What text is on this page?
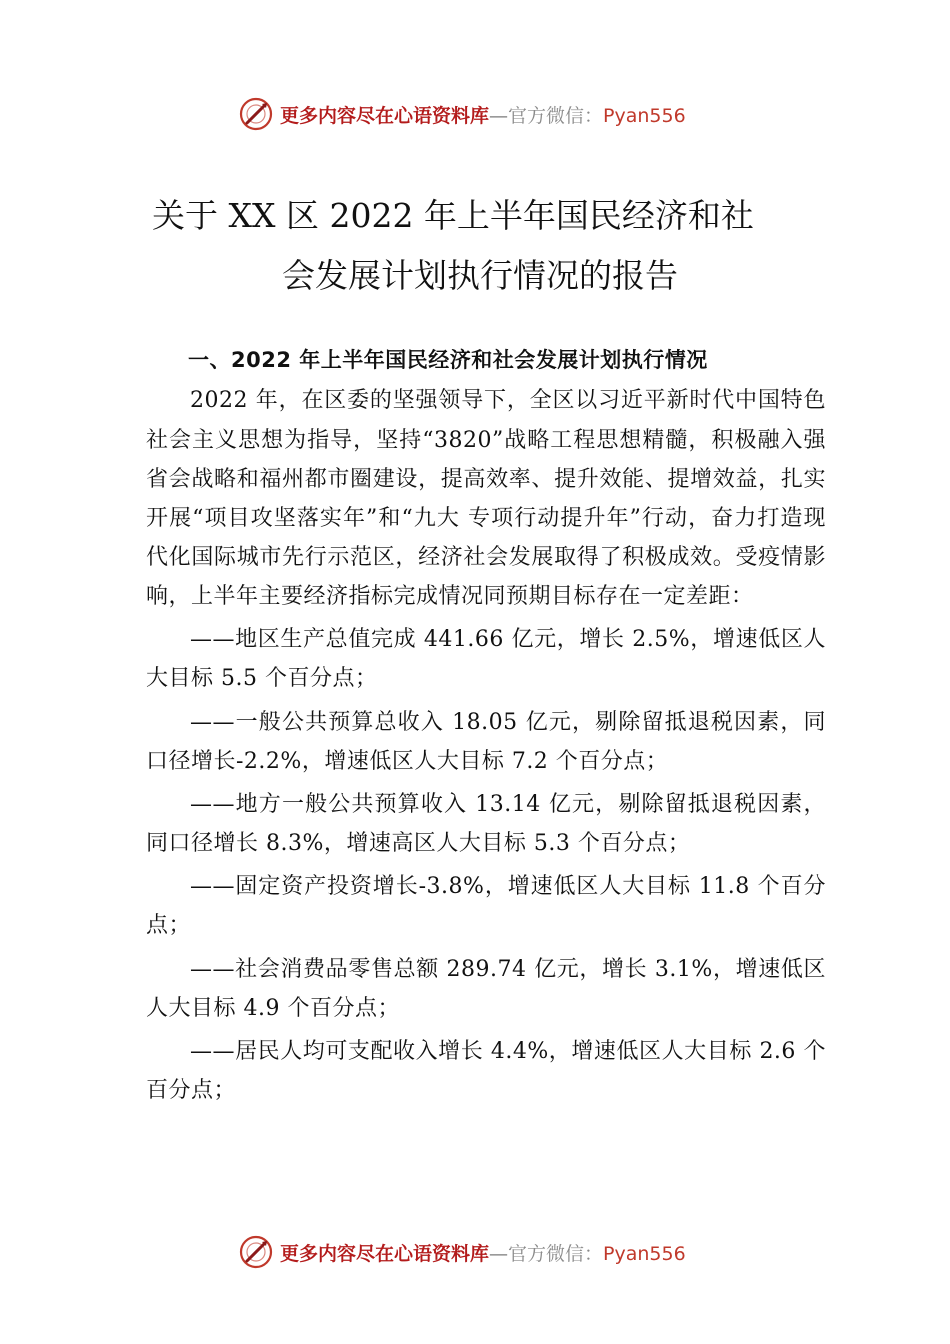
更多内容尽在心语资料库—官方微信：Pyan556
关于 XX 区 2022 年上半年国民经济和社
会发展计划执行情况的报告

一、2022 年上半年国民经济和社会发展计划执行情况

2022 年，在区委的坚强领导下，全区以习近平新时代中国特色社会主义思想为指导，坚持“3820”战略工程思想精髓，积极融入强省会战略和福州都市圈建设，提高效率、提升效能、提增效益，扎实开展“项目攻坚落实年”和“九大 专项行动提升年”行动，奋力打造现代化国际城市先行示范区，经济社会发展取得了积极成效。受疫情影响，上半年主要经济指标完成情况同预期目标存在一定差距：

——地区生产总值完成 441.66 亿元，增长 2.5%，增速低区人大目标 5.5 个百分点；

——一般公共预算总收入 18.05 亿元，剔除留抵退税因素，同口径增长-2.2%，增速低区人大目标 7.2 个百分点；

——地方一般公共预算收入 13.14 亿元，剔除留抵退税因素，同口径增长 8.3%，增速高区人大目标 5.3 个百分点；

——固定资产投资增长-3.8%，增速低区人大目标 11.8 个百分点；

——社会消费品零售总额 289.74 亿元，增长 3.1%，增速低区人大目标 4.9 个百分点；

——居民人均可支配收入增长 4.4%，增速低区人大目标 2.6 个百分点；

更多内容尽在心语资料库—官方微信：Pyan556
